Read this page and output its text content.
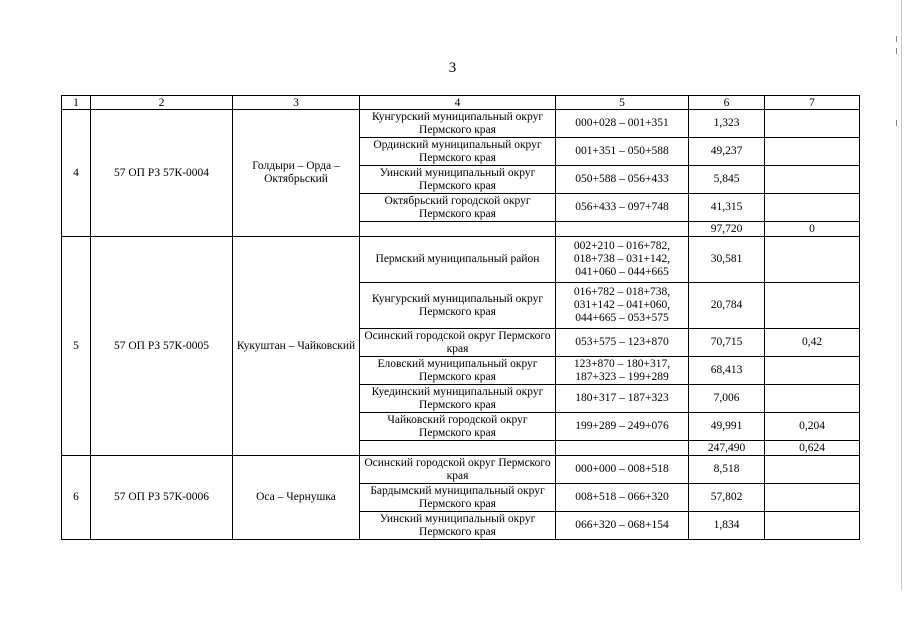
3
1	2	3	4	5	6	7
4	57 ОП РЗ 57К-0004	Голдыри – Орда – Октябрьский	Кунгурский муниципальный округ Пермского края	000+028 – 001+351	1,323	
			Ординский муниципальный округ Пермского края	001+351 – 050+588	49,237	
			Уинский муниципальный округ Пермского края	050+588 – 056+433	5,845	
			Октябрьский городской округ Пермского края	056+433 – 097+748	41,315	
					97,720	0
5	57 ОП РЗ 57К-0005	Кукуштан – Чайковский	Пермский муниципальный район	002+210 – 016+782, 018+738 – 031+142, 041+060 – 044+665	30,581	
			Кунгурский муниципальный округ Пермского края	016+782 – 018+738, 031+142 – 041+060, 044+665 – 053+575	20,784	
			Осинский городской округ Пермского края	053+575 – 123+870	70,715	0,42
			Еловский муниципальный округ Пермского края	123+870 – 180+317, 187+323 – 199+289	68,413	
			Куединский муниципальный округ Пермского края	180+317 – 187+323	7,006	
			Чайковский городской округ Пермского края	199+289 – 249+076	49,991	0,204
					247,490	0,624
6	57 ОП РЗ 57К-0006	Оса – Чернушка	Осинский городской округ Пермского края	000+000 – 008+518	8,518	
			Бардымский муниципальный округ Пермского края	008+518 – 066+320	57,802	
			Уинский муниципальный округ Пермского края	066+320 – 068+154	1,834	
